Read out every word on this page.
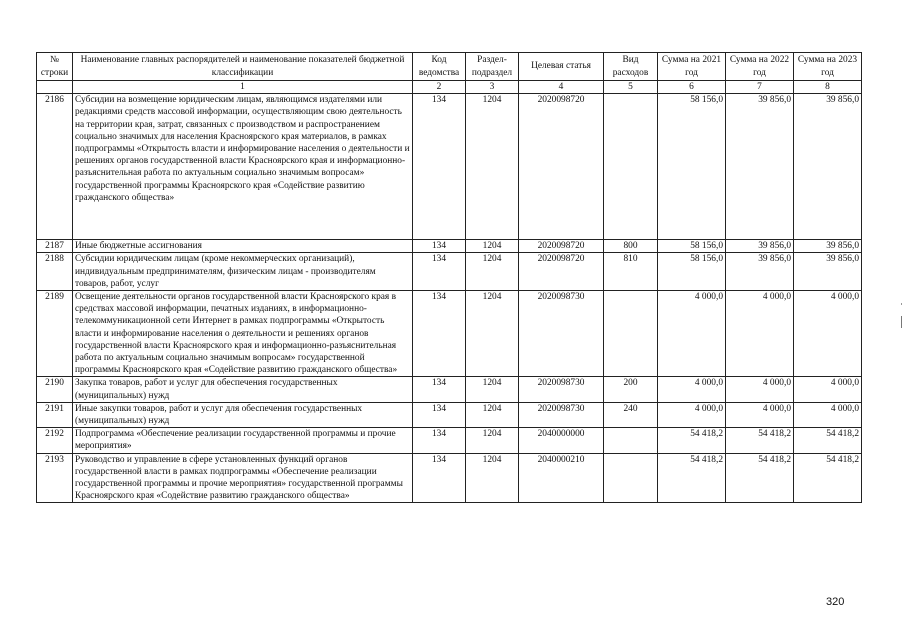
№ строки	Наименование главных распорядителей и наименование показателей бюджетной классификации	Код ведомства	Раздел-подраздел	Целевая статья	Вид расходов	Сумма на 2021 год	Сумма на 2022 год	Сумма на 2023 год
	1	2	3	4	5	6	7	8
2186	Субсидии на возмещение юридическим лицам, являющимся издателями или редакциями средств массовой информации, осуществляющим свою деятельность на территории края, затрат, связанных с производством и распространением социально значимых для населения Красноярского края материалов, в рамках подпрограммы «Открытость власти и информирование населения о деятельности и решениях органов государственной власти Красноярского края и информационно-разъяснительная работа по актуальным социально значимым вопросам» государственной программы Красноярского края «Содействие развитию гражданского общества»	134	1204	2020098720		58 156,0	39 856,0	39 856,0
2187	Иные бюджетные ассигнования	134	1204	2020098720	800	58 156,0	39 856,0	39 856,0
2188	Субсидии юридическим лицам (кроме некоммерческих организаций), индивидуальным предпринимателям, физическим лицам - производителям товаров, работ, услуг	134	1204	2020098720	810	58 156,0	39 856,0	39 856,0
2189	Освещение деятельности органов государственной власти Красноярского края в средствах массовой информации, печатных изданиях, в информационно-телекоммуникационной сети Интернет в рамках подпрограммы «Открытость власти и информирование населения о деятельности и решениях органов государственной власти Красноярского края и информационно-разъяснительная работа по актуальным социально значимым вопросам» государственной программы Красноярского края «Содействие развитию гражданского общества»	134	1204	2020098730		4 000,0	4 000,0	4 000,0
2190	Закупка товаров, работ и услуг для обеспечения государственных (муниципальных) нужд	134	1204	2020098730	200	4 000,0	4 000,0	4 000,0
2191	Иные закупки товаров, работ и услуг для обеспечения государственных (муниципальных) нужд	134	1204	2020098730	240	4 000,0	4 000,0	4 000,0
2192	Подпрограмма «Обеспечение реализации государственной программы и прочие мероприятия»	134	1204	2040000000		54 418,2	54 418,2	54 418,2
2193	Руководство и управление в сфере установленных функций органов государственной власти в рамках подпрограммы «Обеспечение реализации государственной программы и прочие мероприятия» государственной программы Красноярского края «Содействие развитию гражданского общества»	134	1204	2040000210		54 418,2	54 418,2	54 418,2
320
